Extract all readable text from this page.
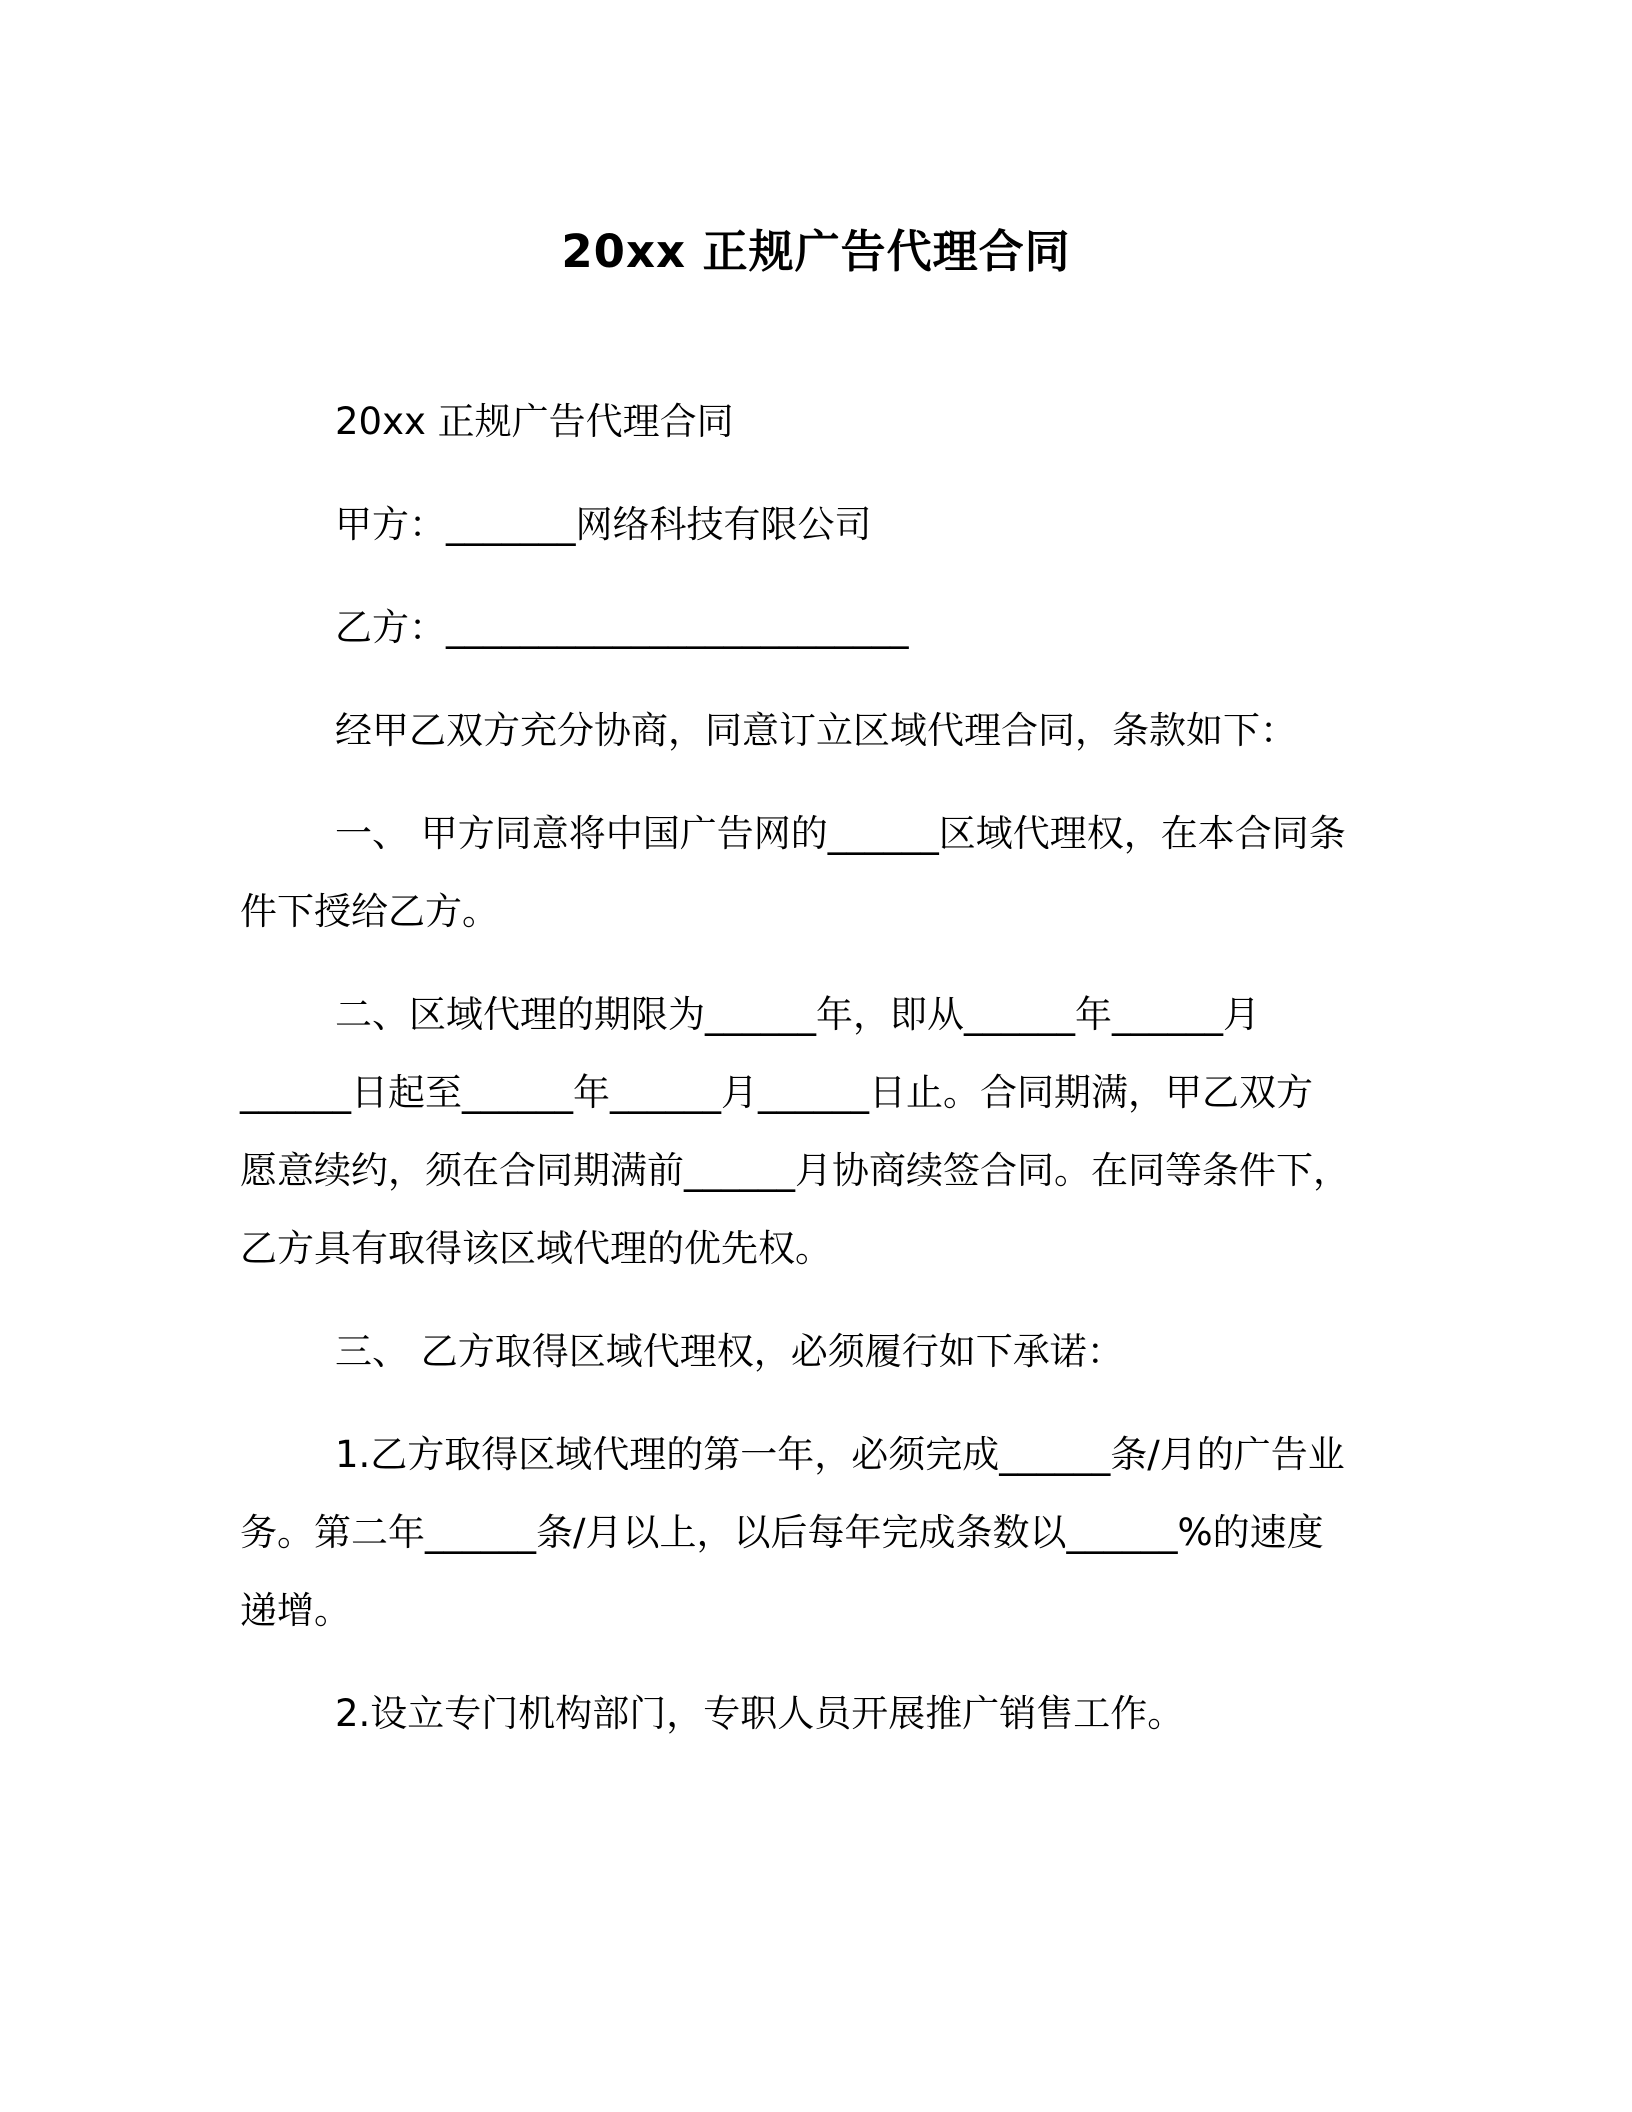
20xx 正规广告代理合同
20xx 正规广告代理合同
甲方：_______网络科技有限公司
乙方：_________________________
经甲乙双方充分协商，同意订立区域代理合同，条款如下：
一、 甲方同意将中国广告网的______区域代理权，在本合同条
件下授给乙方。
二、区域代理的期限为______年，即从______年______月
______日起至______年______月______日止。合同期满，甲乙双方
愿意续约，须在合同期满前______月协商续签合同。在同等条件下，
乙方具有取得该区域代理的优先权。
三、 乙方取得区域代理权，必须履行如下承诺：
1.乙方取得区域代理的第一年，必须完成______条/月的广告业
务。第二年______条/月以上，以后每年完成条数以______%的速度
递增。
2.设立专门机构部门，专职人员开展推广销售工作。
